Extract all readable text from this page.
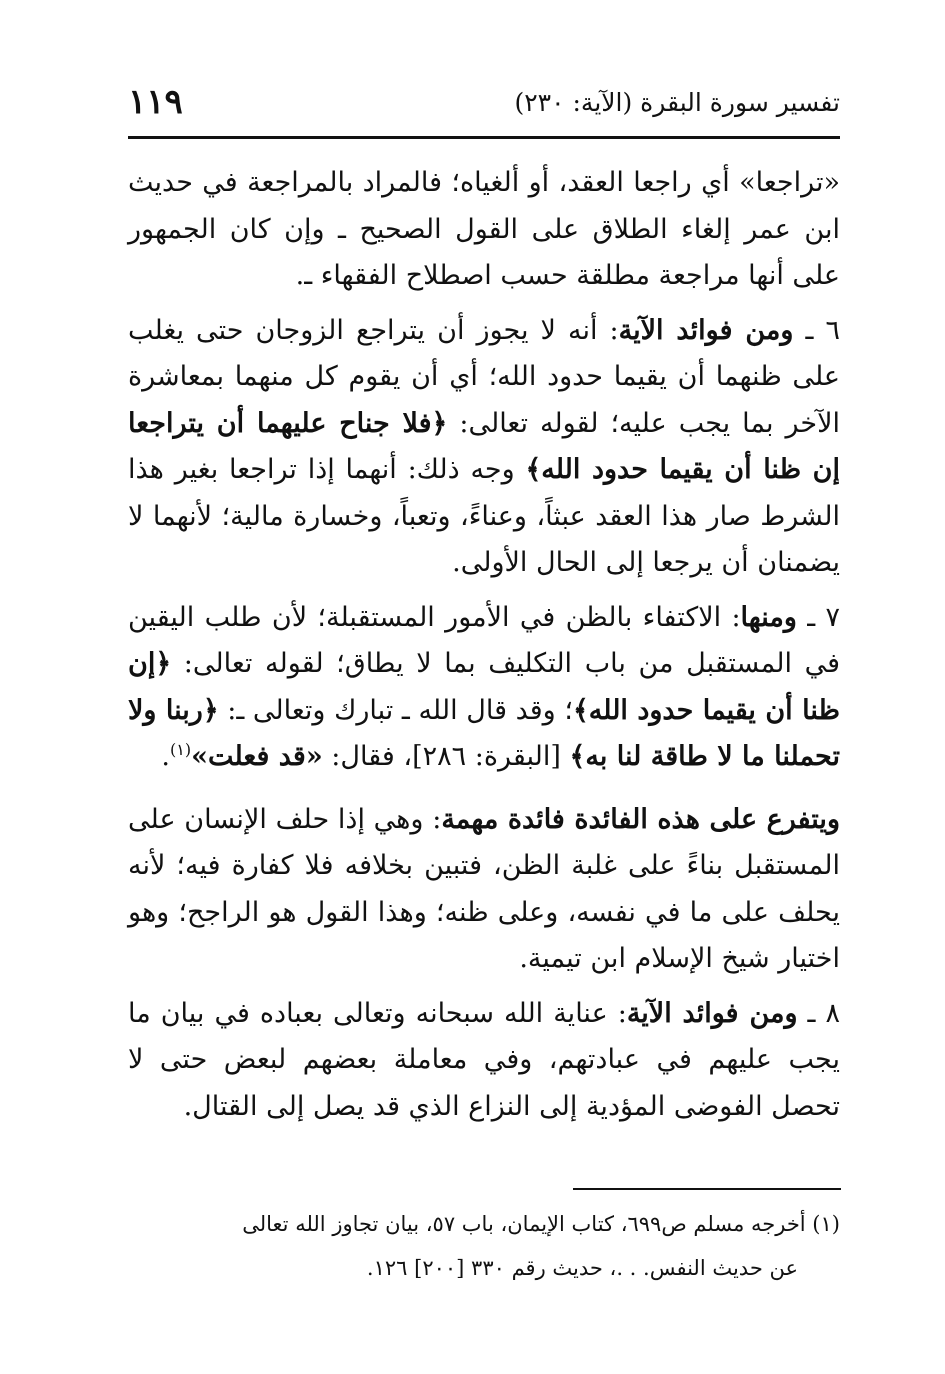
تفسير سورة البقرة (الآية: ٢٣٠)
١١٩

«تراجعا» أي راجعا العقد، أو ألغياه؛ فالمراد بالمراجعة في حديث ابن عمر إلغاء الطلاق على القول الصحيح ـ وإن كان الجمهور على أنها مراجعة مطلقة حسب اصطلاح الفقهاء ـ.

٦ ـ ومن فوائد الآية: أنه لا يجوز أن يتراجع الزوجان حتى يغلب على ظنهما أن يقيما حدود الله؛ أي أن يقوم كل منهما بمعاشرة الآخر بما يجب عليه؛ لقوله تعالى: ﴿فلا جناح عليهما أن يتراجعا إن ظنا أن يقيما حدود الله﴾ وجه ذلك: أنهما إذا تراجعا بغير هذا الشرط صار هذا العقد عبثاً، وعناءً، وتعباً، وخسارة مالية؛ لأنهما لا يضمنان أن يرجعا إلى الحال الأولى.

٧ ـ ومنها: الاكتفاء بالظن في الأمور المستقبلة؛ لأن طلب اليقين في المستقبل من باب التكليف بما لا يطاق؛ لقوله تعالى: ﴿إن ظنا أن يقيما حدود الله﴾؛ وقد قال الله ـ تبارك وتعالى ـ: ﴿ربنا ولا تحملنا ما لا طاقة لنا به﴾ [البقرة: ٢٨٦]، فقال: «قد فعلت»$^{(١)}$.

ويتفرع على هذه الفائدة فائدة مهمة: وهي إذا حلف الإنسان على المستقبل بناءً على غلبة الظن، فتبين بخلافه فلا كفارة فيه؛ لأنه يحلف على ما في نفسه، وعلى ظنه؛ وهذا القول هو الراجح؛ وهو اختيار شيخ الإسلام ابن تيمية.

٨ ـ ومن فوائد الآية: عناية الله سبحانه وتعالى بعباده في بيان ما يجب عليهم في عبادتهم، وفي معاملة بعضهم لبعض حتى لا تحصل الفوضى المؤدية إلى النزاع الذي قد يصل إلى القتال.

(١) أخرجه مسلم ص٦٩٩، كتاب الإيمان، باب ٥٧، بيان تجاوز الله تعالى

عن حديث النفس. . .، حديث رقم ٣٣٠ [٢٠٠] ١٢٦.
